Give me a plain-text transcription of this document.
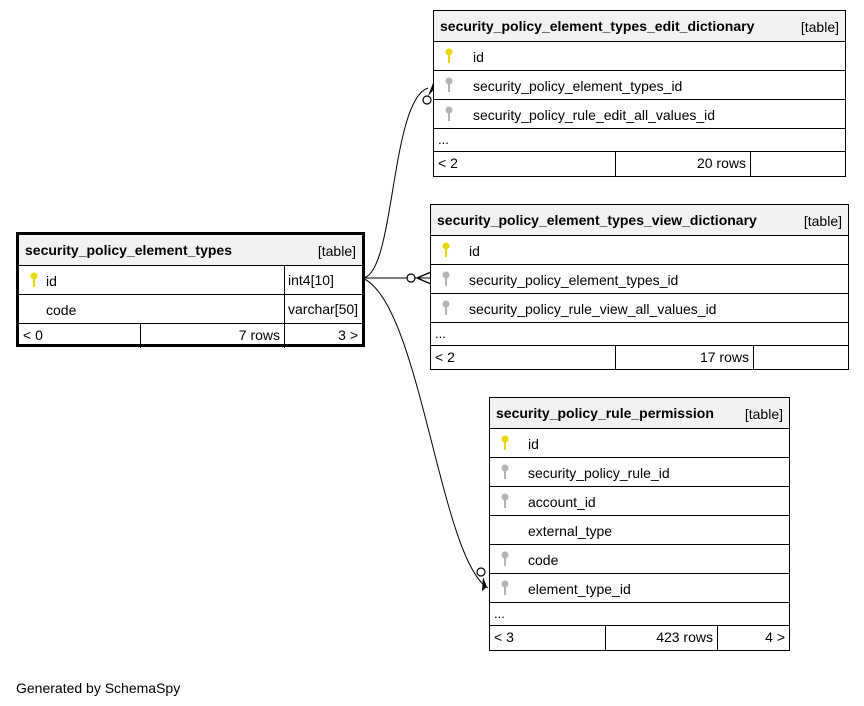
security_policy_element_types_edit_dictionary	[table]
id
security_policy_element_types_id
security_policy_rule_edit_all_values_id
...
< 2	20 rows
security_policy_element_types	[table]
id	int4[10]
code	varchar[50]
< 0	7 rows	3 >
security_policy_element_types_view_dictionary	[table]
id
security_policy_element_types_id
security_policy_rule_view_all_values_id
...
< 2	17 rows
security_policy_rule_permission [table]
id
security_policy_rule_id
account_id
external_type
code
element_type_id
...
< 3	423 rows	4 >
Generated by SchemaSpy
